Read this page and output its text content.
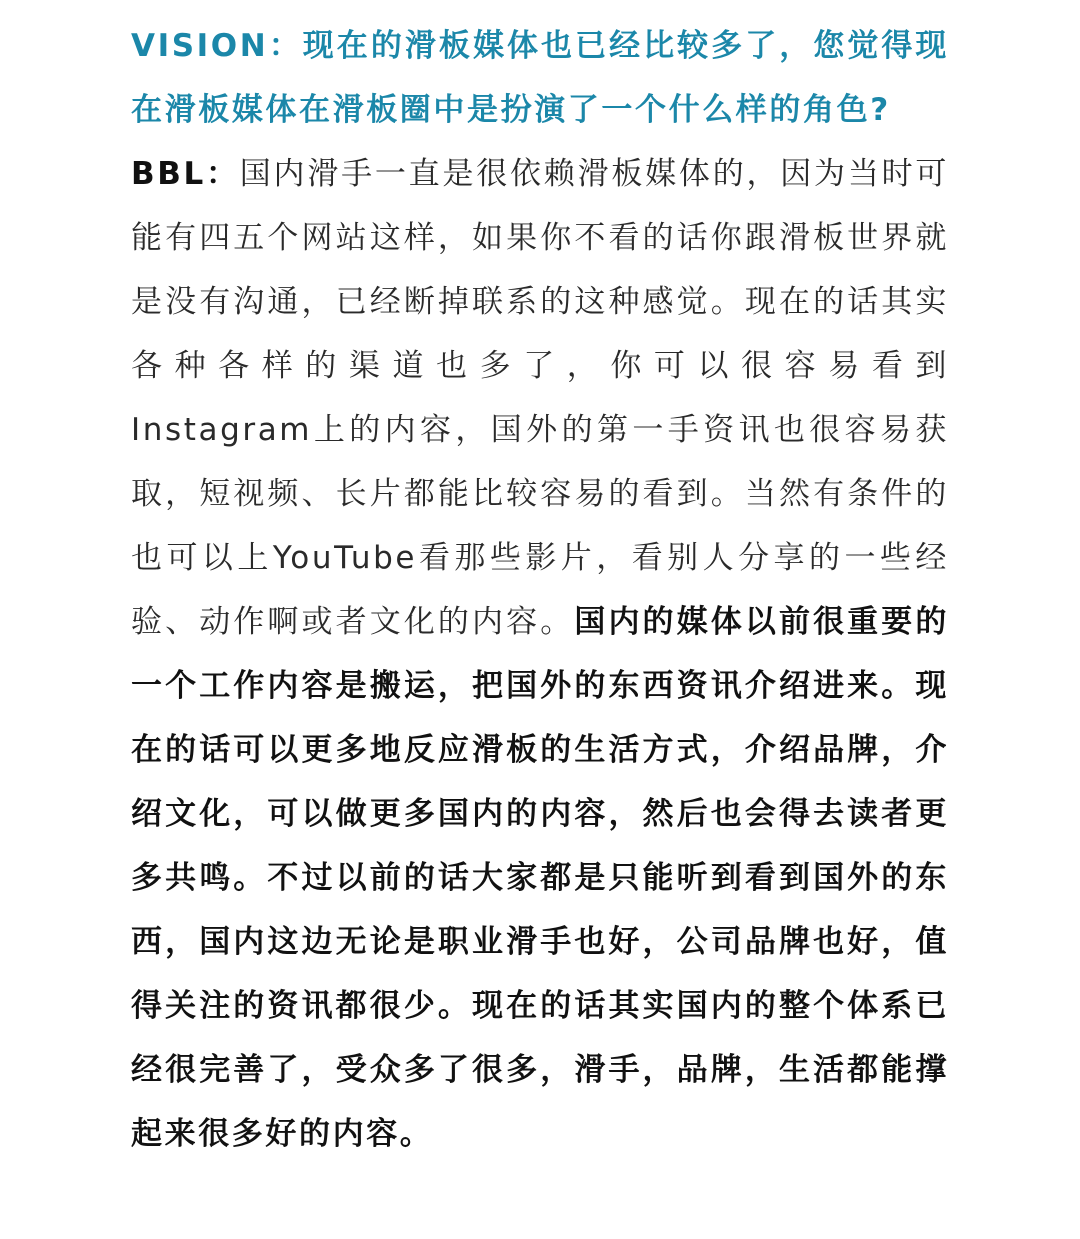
VISION：现在的滑板媒体也已经比较多了，您觉得现在滑板媒体在滑板圈中是扮演了一个什么样的角色?

BBL：国内滑手一直是很依赖滑板媒体的，因为当时可能有四五个网站这样，如果你不看的话你跟滑板世界就是没有沟通，已经断掉联系的这种感觉。现在的话其实各种各样的渠道也多了，你可以很容易看到Instagram上的内容，国外的第一手资讯也很容易获取，短视频、长片都能比较容易的看到。当然有条件的也可以上YouTube看那些影片，看别人分享的一些经验、动作啊或者文化的内容。国内的媒体以前很重要的一个工作内容是搬运，把国外的东西资讯介绍进来。现在的话可以更多地反应滑板的生活方式，介绍品牌，介绍文化，可以做更多国内的内容，然后也会得去读者更多共鸣。不过以前的话大家都是只能听到看到国外的东西，国内这边无论是职业滑手也好，公司品牌也好，值得关注的资讯都很少。现在的话其实国内的整个体系已经很完善了，受众多了很多，滑手，品牌，生活都能撑起来很多好的内容。
